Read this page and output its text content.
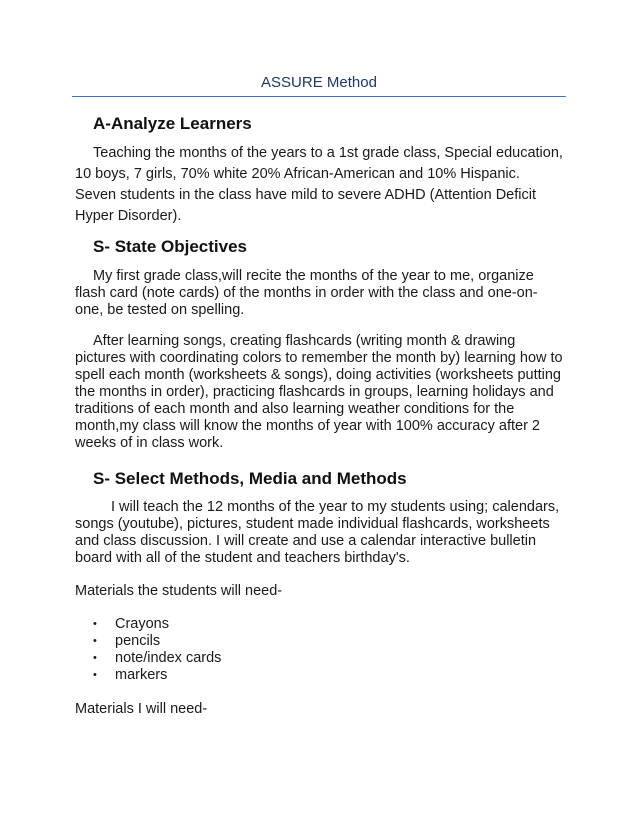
ASSURE Method
A-Analyze Learners

Teaching the months of the years to a 1st grade class, Special education, 10 boys, 7 girls, 70% white 20% African-American and 10% Hispanic. Seven students in the class have mild to severe ADHD (Attention Deficit Hyper Disorder).

S- State Objectives

My first grade class,will recite the months of the year to me, organize flash card (note cards) of the months in order with the class and one-on-one, be tested on spelling.

After learning songs, creating flashcards (writing month & drawing pictures with coordinating colors to remember the month by) learning how to spell each month (worksheets & songs), doing activities (worksheets putting the months in order), practicing flashcards in groups, learning holidays and traditions of each month and also learning weather conditions for the month,my class will know the months of year with 100% accuracy after 2 weeks of in class work.

S- Select Methods, Media and Methods

I will teach the 12 months of the year to my students using; calendars, songs (youtube), pictures, student made individual flashcards, worksheets and class discussion. I will create and use a calendar interactive bulletin board with all of the student and teachers birthday's.

Materials the students will need-

• Crayons
• pencils
• note/index cards
• markers

Materials I will need-
